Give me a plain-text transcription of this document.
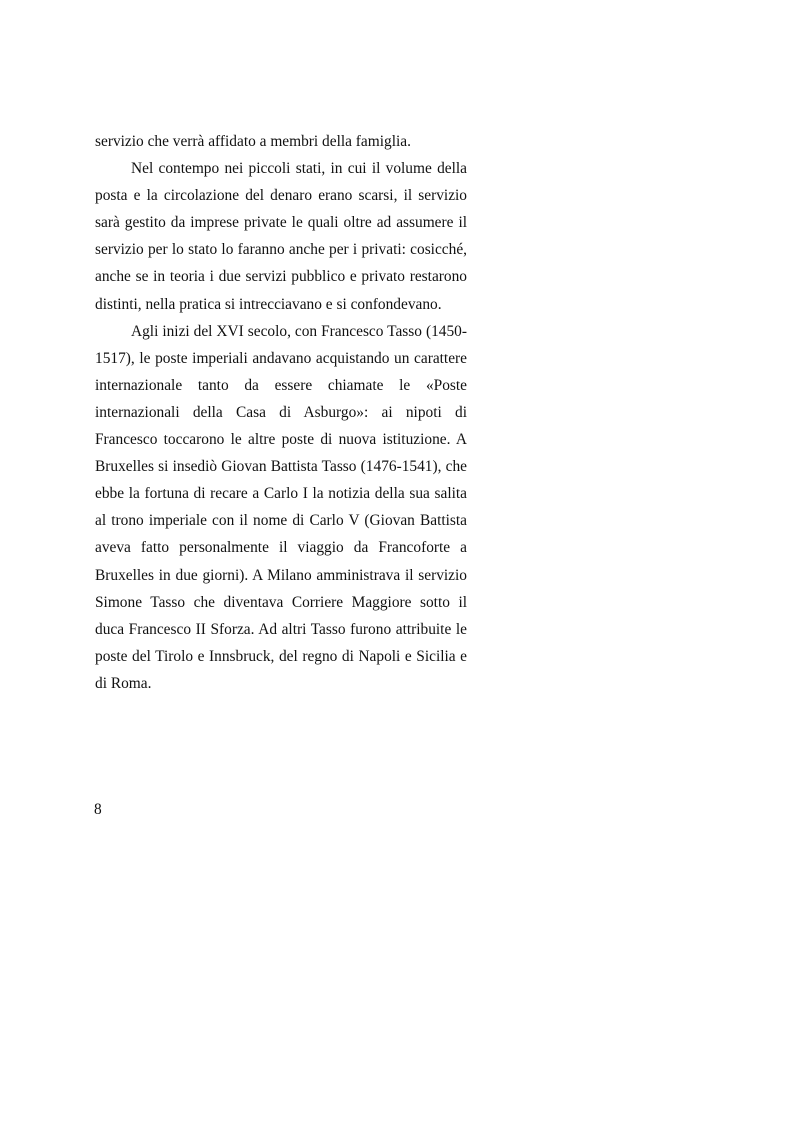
servizio che verrà affidato a membri della famiglia.

Nel contempo nei piccoli stati, in cui il volume della posta e la circolazione del denaro erano scarsi, il servizio sarà gestito da imprese private le quali oltre ad assumere il servizio per lo stato lo faranno anche per i privati: cosicché, anche se in teoria i due servizi pubblico e privato restarono distinti, nella pratica si intrecciavano e si confondevano.

Agli inizi del XVI secolo, con Francesco Tasso (1450-1517), le poste imperiali andavano acquistando un carattere internazionale tanto da essere chiamate le «Poste internazionali della Casa di Asburgo»: ai nipoti di Francesco toccarono le altre poste di nuova istituzione. A Bruxelles si insediò Giovan Battista Tasso (1476-1541), che ebbe la fortuna di recare a Carlo I la notizia della sua salita al trono imperiale con il nome di Carlo V (Giovan Battista aveva fatto personalmente il viaggio da Francoforte a Bruxelles in due giorni). A Milano amministrava il servizio Simone Tasso che diventava Corriere Maggiore sotto il duca Francesco II Sforza. Ad altri Tasso furono attribuite le poste del Tirolo e Innsbruck, del regno di Napoli e Sicilia e di Roma.

8
